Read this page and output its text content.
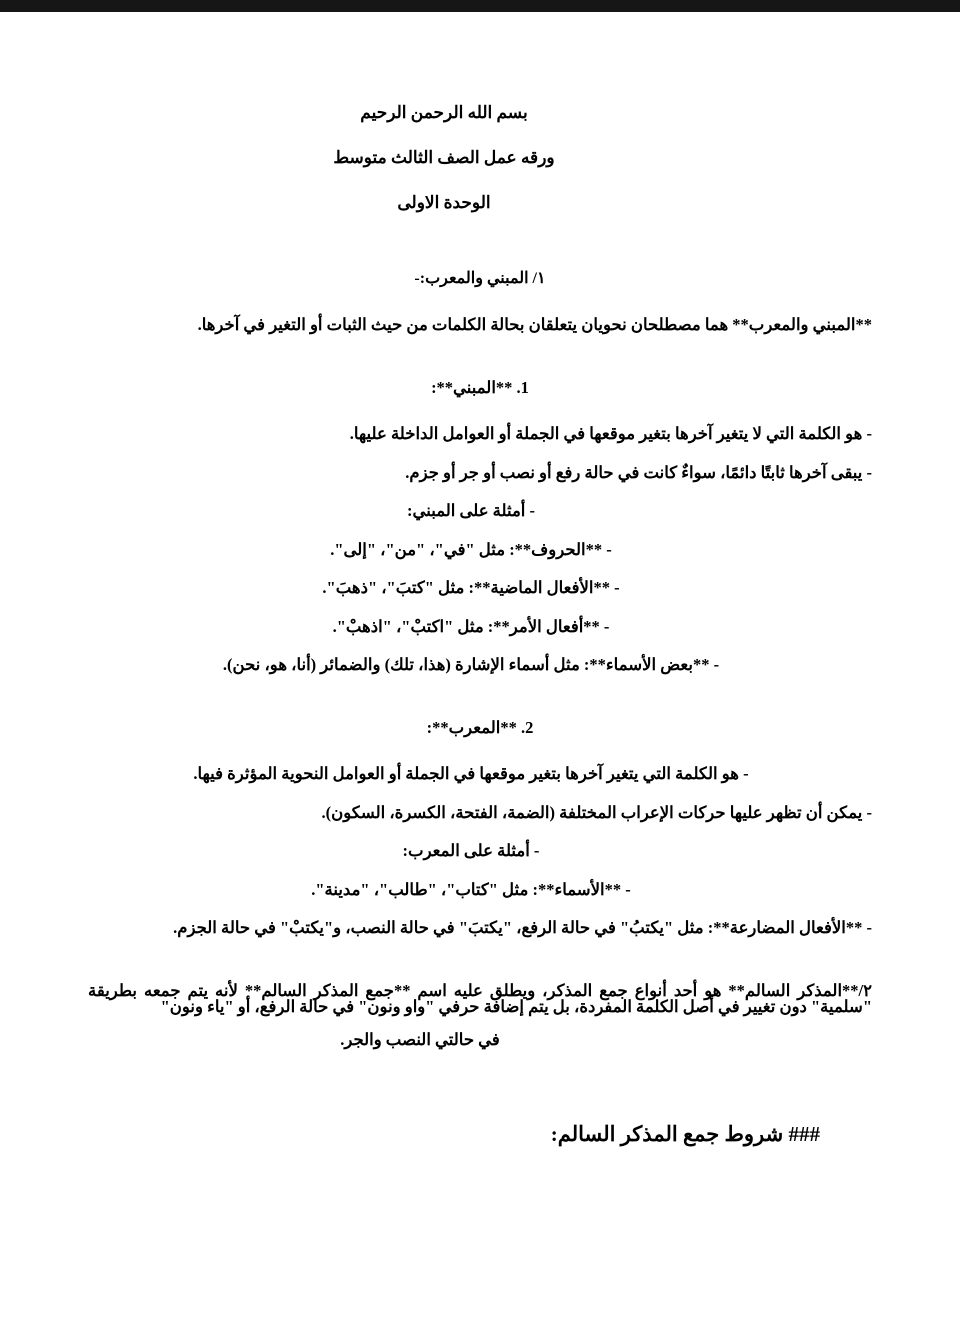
بسم الله الرحمن الرحيم
ورقه عمل الصف الثالث متوسط
الوحدة الاولى
١/ المبني والمعرب:-
**المبني والمعرب** هما مصطلحان نحويان يتعلقان بحالة الكلمات من حيث الثبات أو التغير في آخرها.
1. **المبني**:
- هو الكلمة التي لا يتغير آخرها بتغير موقعها في الجملة أو العوامل الداخلة عليها.
- يبقى آخرها ثابتًا دائمًا، سواءٌ كانت في حالة رفع أو نصب أو جر أو جزم.
- أمثلة على المبني:
- **الحروف**: مثل "في"، "من"، "إلى".
- **الأفعال الماضية**: مثل "كتبَ"، "ذهبَ".
- **أفعال الأمر**: مثل "اكتبْ"، "اذهبْ".
- **بعض الأسماء**: مثل أسماء الإشارة (هذا، تلك) والضمائر (أنا، هو، نحن).
2. **المعرب**:
- هو الكلمة التي يتغير آخرها بتغير موقعها في الجملة أو العوامل النحوية المؤثرة فيها.
- يمكن أن تظهر عليها حركات الإعراب المختلفة (الضمة، الفتحة، الكسرة، السكون).
- أمثلة على المعرب:
- **الأسماء**: مثل "كتاب"، "طالب"، "مدينة".
- **الأفعال المضارعة**: مثل "يكتبُ" في حالة الرفع، "يكتبَ" في حالة النصب، و"يكتبْ" في حالة الجزم.
٢/**المذكر السالم** هو أحد أنواع جمع المذكر، ويطلق عليه اسم **جمع المذكر السالم** لأنه يتم جمعه بطريقة "سلمية" دون تغيير في أصل الكلمة المفردة، بل يتم إضافة حرفي "واو ونون" في حالة الرفع، أو "ياء ونون"
في حالتي النصب والجر.
### شروط جمع المذكر السالم:
